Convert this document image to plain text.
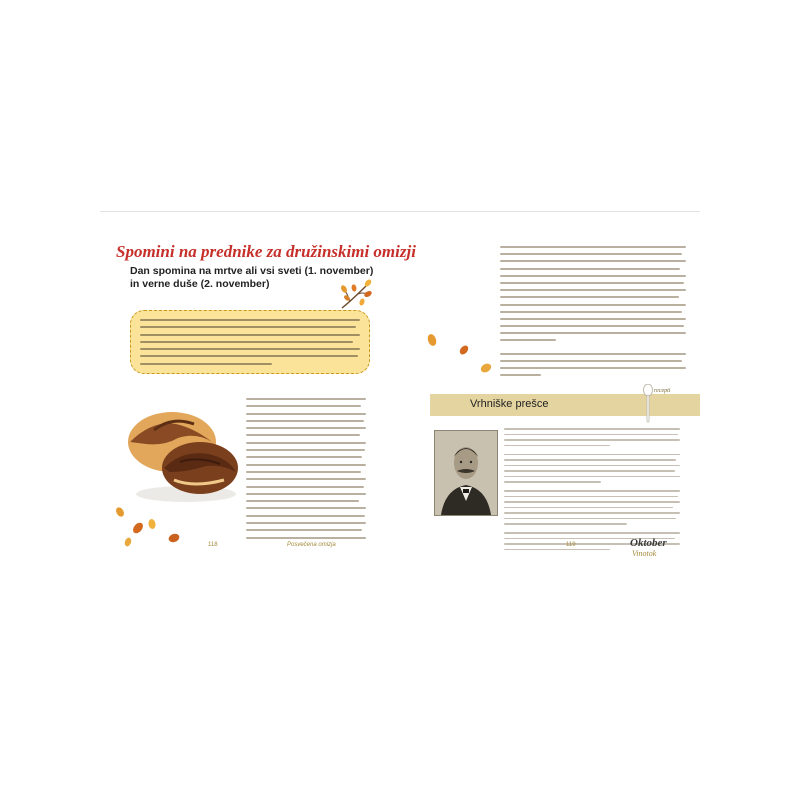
Spomini na prednike za družinskimi omizji
Dan spomina na mrtve ali vsi sveti (1. november)
in verne duše (2. november)
118	Posvečena omizja
Vrhniške prešce
recepti
119	Oktober
Vinotok
